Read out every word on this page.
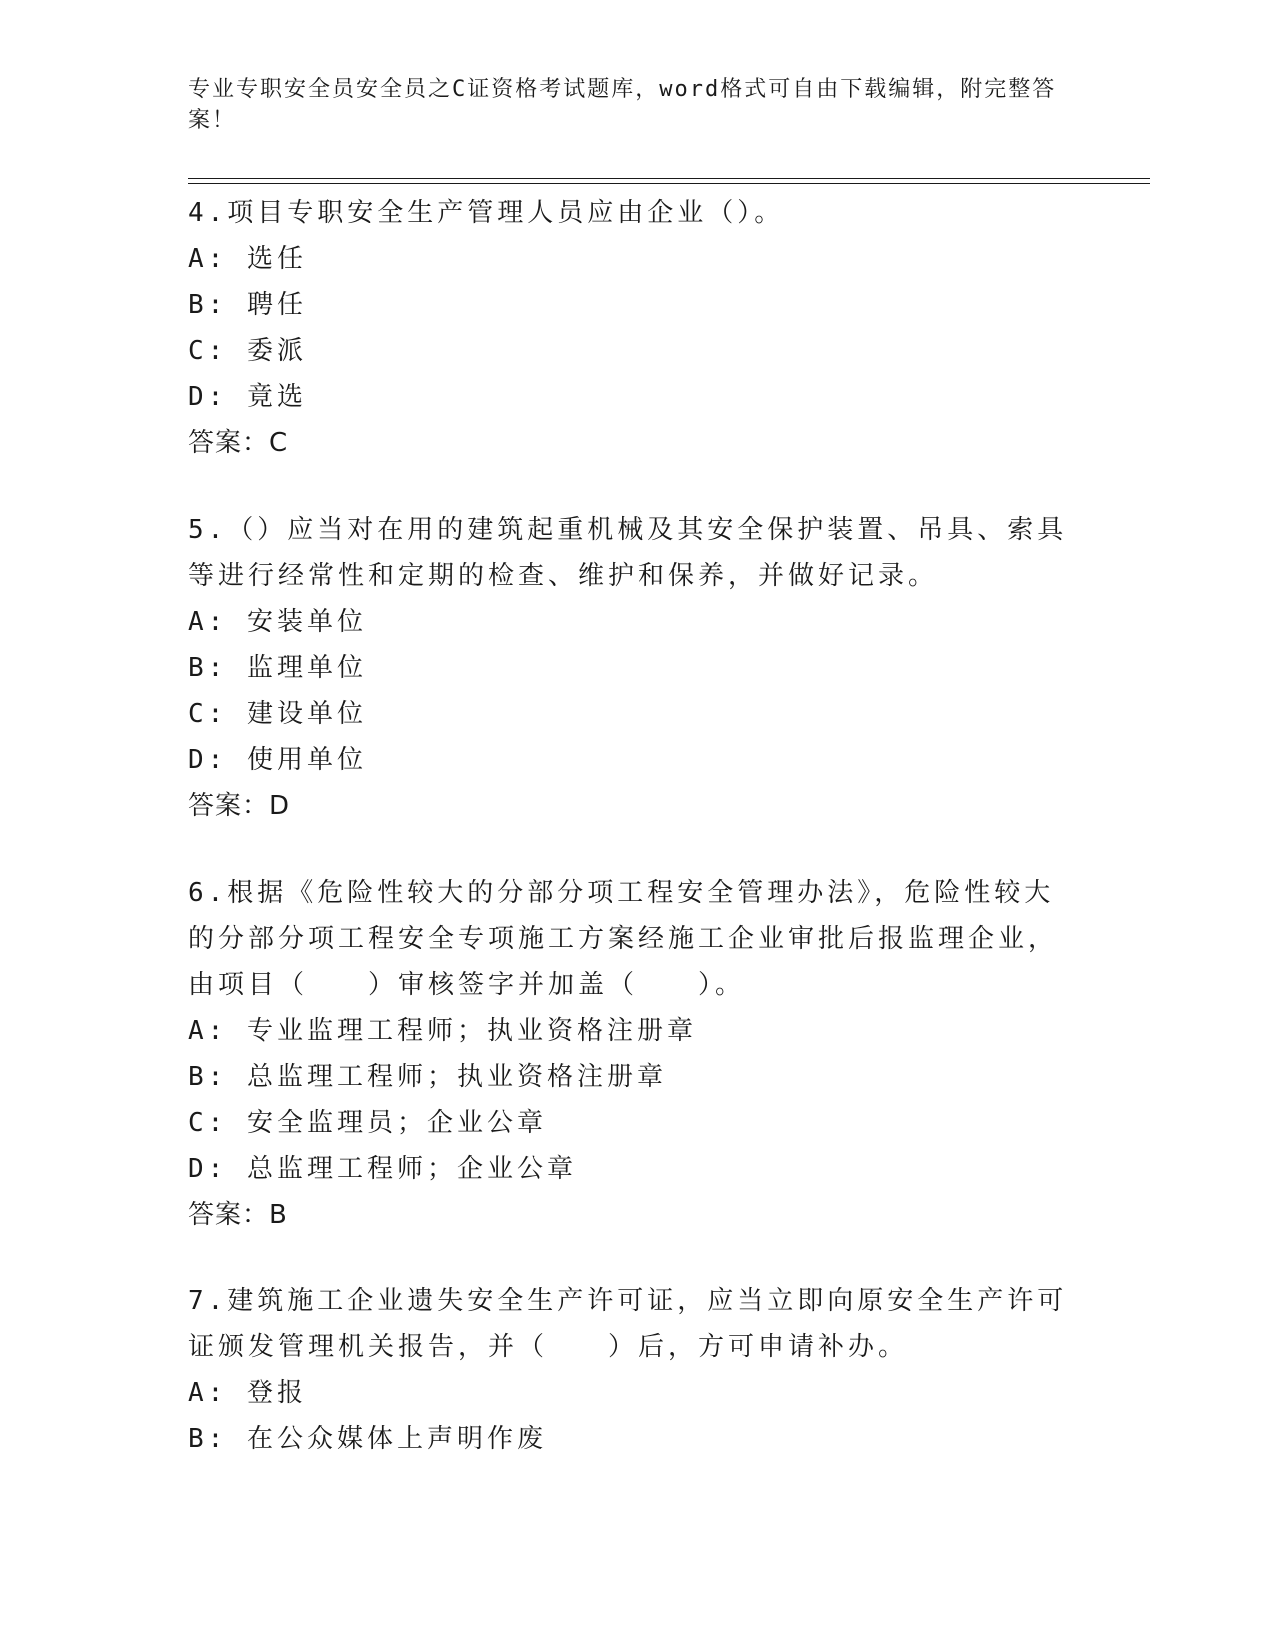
专业专职安全员安全员之C证资格考试题库，word格式可自由下载编辑，附完整答案！

4.项目专职安全生产管理人员应由企业（）。

A: 选任

B: 聘任

C: 委派

D: 竟选

答案：C

5.（）应当对在用的建筑起重机械及其安全保护装置、吊具、索具等进行经常性和定期的检查、维护和保养，并做好记录。

A: 安装单位

B: 监理单位

C: 建设单位

D: 使用单位

答案：D

6.根据《危险性较大的分部分项工程安全管理办法》，危险性较大的分部分项工程安全专项施工方案经施工企业审批后报监理企业，由项目（　　）审核签字并加盖（　　）。

A: 专业监理工程师；执业资格注册章

B: 总监理工程师；执业资格注册章

C: 安全监理员；企业公章

D: 总监理工程师；企业公章

答案：B

7.建筑施工企业遗失安全生产许可证，应当立即向原安全生产许可证颁发管理机关报告，并（　　）后，方可申请补办。

A: 登报

B: 在公众媒体上声明作废
